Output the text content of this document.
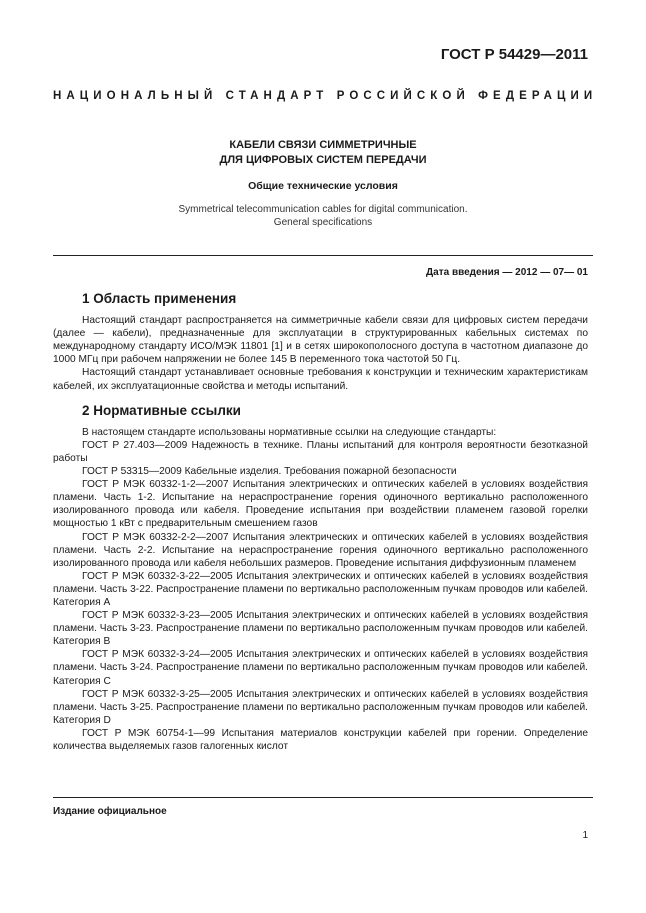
ГОСТ Р 54429—2011
НАЦИОНАЛЬНЫЙ СТАНДАРТ РОССИЙСКОЙ ФЕДЕРАЦИИ
КАБЕЛИ СВЯЗИ СИММЕТРИЧНЫЕ
ДЛЯ ЦИФРОВЫХ СИСТЕМ ПЕРЕДАЧИ
Общие технические условия
Symmetrical telecommunication cables for digital communication.
General specifications
Дата введения — 2012 — 07— 01
1 Область применения

Настоящий стандарт распространяется на симметричные кабели связи для цифровых систем передачи (далее — кабели), предназначенные для эксплуатации в структурированных кабельных системах по международному стандарту ИСО/МЭК 11801 [1] и в сетях широкополосного доступа в частотном диапазоне до 1000 МГц при рабочем напряжении не более 145 В переменного тока частотой 50 Гц.

Настоящий стандарт устанавливает основные требования к конструкции и техническим характеристикам кабелей, их эксплуатационные свойства и методы испытаний.

2 Нормативные ссылки

В настоящем стандарте использованы нормативные ссылки на следующие стандарты:

ГОСТ Р 27.403—2009 Надежность в технике. Планы испытаний для контроля вероятности безотказной работы

ГОСТ Р 53315—2009 Кабельные изделия. Требования пожарной безопасности

ГОСТ Р МЭК 60332-1-2—2007 Испытания электрических и оптических кабелей в условиях воздействия пламени. Часть 1-2. Испытание на нераспространение горения одиночного вертикально расположенного изолированного провода или кабеля. Проведение испытания при воздействии пламенем газовой горелки мощностью 1 кВт с предварительным смешением газов

ГОСТ Р МЭК 60332-2-2—2007 Испытания электрических и оптических кабелей в условиях воздействия пламени. Часть 2-2. Испытание на нераспространение горения одиночного вертикально расположенного изолированного провода или кабеля небольших размеров. Проведение испытания диффузионным пламенем

ГОСТ Р МЭК 60332-3-22—2005 Испытания электрических и оптических кабелей в условиях воздействия пламени. Часть 3-22. Распространение пламени по вертикально расположенным пучкам проводов или кабелей. Категория А

ГОСТ Р МЭК 60332-3-23—2005 Испытания электрических и оптических кабелей в условиях воздействия пламени. Часть 3-23. Распространение пламени по вертикально расположенным пучкам проводов или кабелей. Категория В

ГОСТ Р МЭК 60332-3-24—2005 Испытания электрических и оптических кабелей в условиях воздействия пламени. Часть 3-24. Распространение пламени по вертикально расположенным пучкам проводов или кабелей. Категория С

ГОСТ Р МЭК 60332-3-25—2005 Испытания электрических и оптических кабелей в условиях воздействия пламени. Часть 3-25. Распространение пламени по вертикально расположенным пучкам проводов или кабелей. Категория D

ГОСТ Р МЭК 60754-1—99 Испытания материалов конструкции кабелей при горении. Определение количества выделяемых газов галогенных кислот

Издание официальное
1
